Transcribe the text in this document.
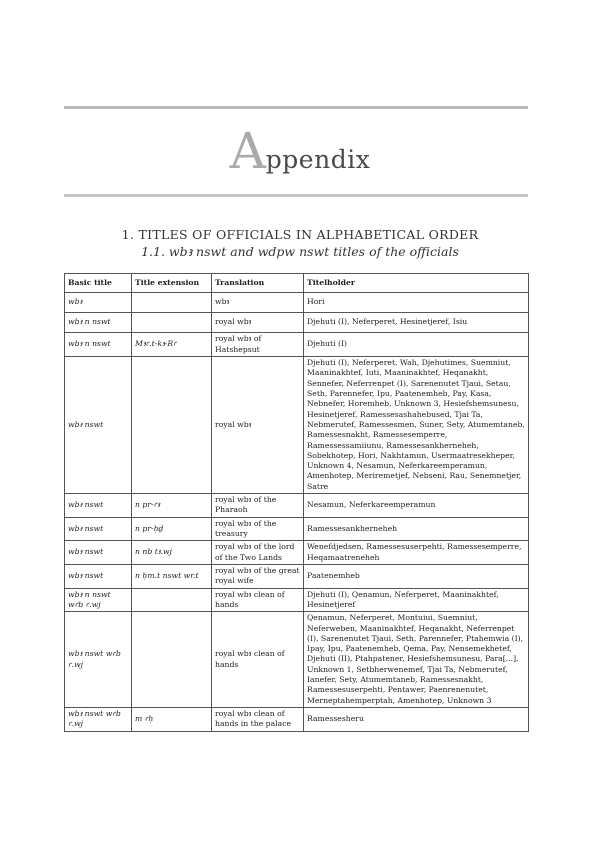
Appendix
1. TITLES OF OFFICIALS IN ALPHABETICAL ORDER
1.1. wbꜣ nswt and wdpw nswt titles of the officials
Basic title	Title extension	Translation	Titelholder
wbꜣ		wbꜣ	Hori
wbꜣ n nswt		royal wbꜣ	Djehuti (I), Neferperet, Hesinetjeref, Isiu
wbꜣ n nswt	Mꜣꜥ.t-kꜣ-Rꜥ	royal wbꜣ of Hatshepsut	Djehuti (I)
wbꜣ nswt		royal wbꜣ	Djehuti (I), Neferperet, Wah, Djehutimes, Suemniut, Maaninakhtef, Iuti, Maaninakhtef, Heqanakht, Sennefer, Neferrenpet (I), Sarenenutet Tjaui, Setau, Seth, Parennefer, Ipu, Paatenemheb, Pay, Kasa, Nebnefer, Horemheb, Unknown 3, Hesiefshemsunesu, Hesinetjeref, Ramessesashahebused, Tjai Ta, Nebmerutef, Ramessesmen, Suner, Sety, Atumemtaneb, Ramessesnakht, Ramessesemperre, Ramessessamiiunu, Ramessesankherneheh, Sobekhotep, Hori, Nakhtamun, Usermaatresekheper, Unknown 4, Nesamun, Neferkareemperamun, Amenhotep, Meriremetjef, Nebseni, Rau, Senemnetjer, Satre
wbꜣ nswt	n pr-ꜥꜣ	royal wbꜣ of the Pharaoh	Nesamun, Neferkareemperamun
wbꜣ nswt	n pr-ḥḏ	royal wbꜣ of the treasury	Ramessesankherneheh
wbꜣ nswt	n nb tꜣ.wj	royal wbꜣ of the lord of the Two Lands	Wenefdjedsen, Ramessesuserpehti, Ramessesemperre, Heqamaatreneheh
wbꜣ nswt	n ḥm.t nswt wr.t	royal wbꜣ of the great royal wife	Paatenemheb
wbꜣ n nswt wꜥb ꜥ.wj		royal wbꜣ clean of hands	Djehuti (I), Qenamun, Neferperet, Maaninakhtef, Hesinetjeref
wbꜣ nswt wꜥb ꜥ.wj		royal wbꜣ clean of hands	Qenamun, Neferperet, Montuiui, Suemniut, Neferweben, Maaninakhtef, Heqanakht, Neferrenpet (I), Sarenenutet Tjaui, Seth, Parennefer, Ptahemwia (I), Ipay, Ipu, Paatenemheb, Qema, Pay, Nensemekhetef, Djehuti (II), Ptahpatener, Hesiefshemsunesu, Para[...], Unknown 1, Setbherwenemef, Tjai Ta, Nebmerutef, Ianefer, Sety, Atumemtaneb, Ramessesnakht, Ramessesuserpehti, Pentawer, Paenrenenutet, Merneptahemperptah, Amenhotep, Unknown 3
wbꜣ nswt wꜥb ꜥ.wj	m ꜥḥ	royal wbꜣ clean of hands in the palace	Ramessesheru
